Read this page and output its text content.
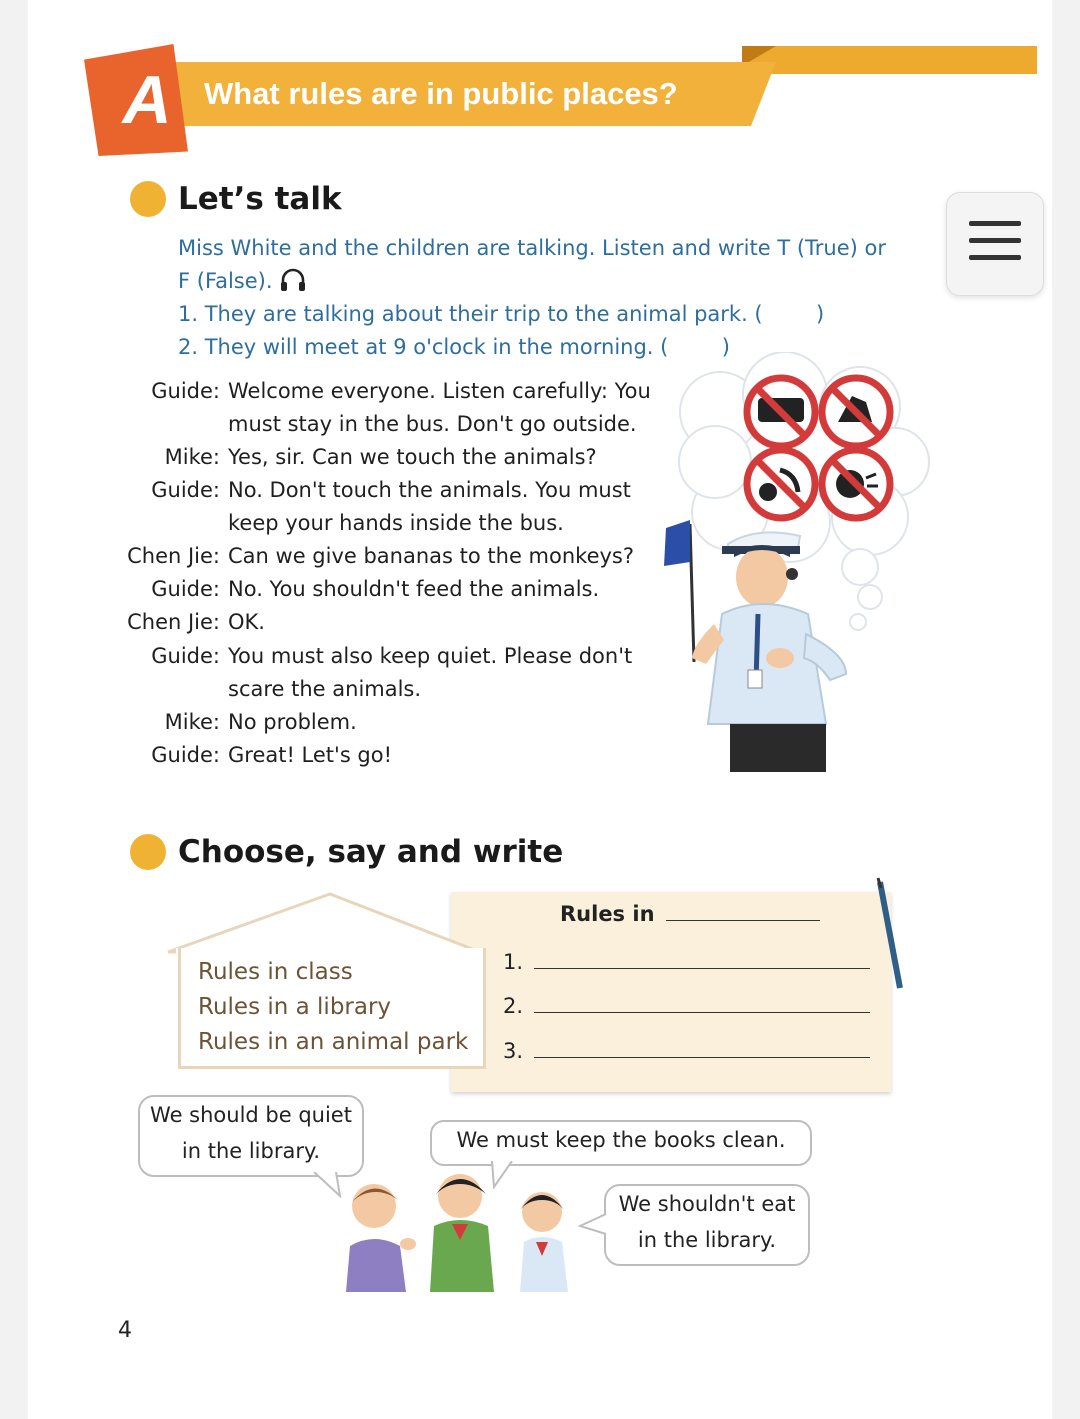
A	What rules are in public places?
Let’s talk
Miss White and the children are talking. Listen and write T (True) or
F (False).
1. They are talking about their trip to the animal park. (        )
2. They will meet at 9 o'clock in the morning. (        )
Guide: Welcome everyone. Listen carefully: You
must stay in the bus. Don't go outside.
Mike: Yes, sir. Can we touch the animals?
Guide: No. Don't touch the animals. You must
keep your hands inside the bus.
Chen Jie: Can we give bananas to the monkeys?
Guide: No. You shouldn't feed the animals.
Chen Jie: OK.
Guide: You must also keep quiet. Please don't
scare the animals.
Mike: No problem.
Guide: Great! Let's go!
Choose, say and write
Rules in
1.
2.
3.
Rules in class
Rules in a library
Rules in an animal park
We should be quiet
in the library.	We must keep the books clean.
We shouldn't eat
in the library.
4
